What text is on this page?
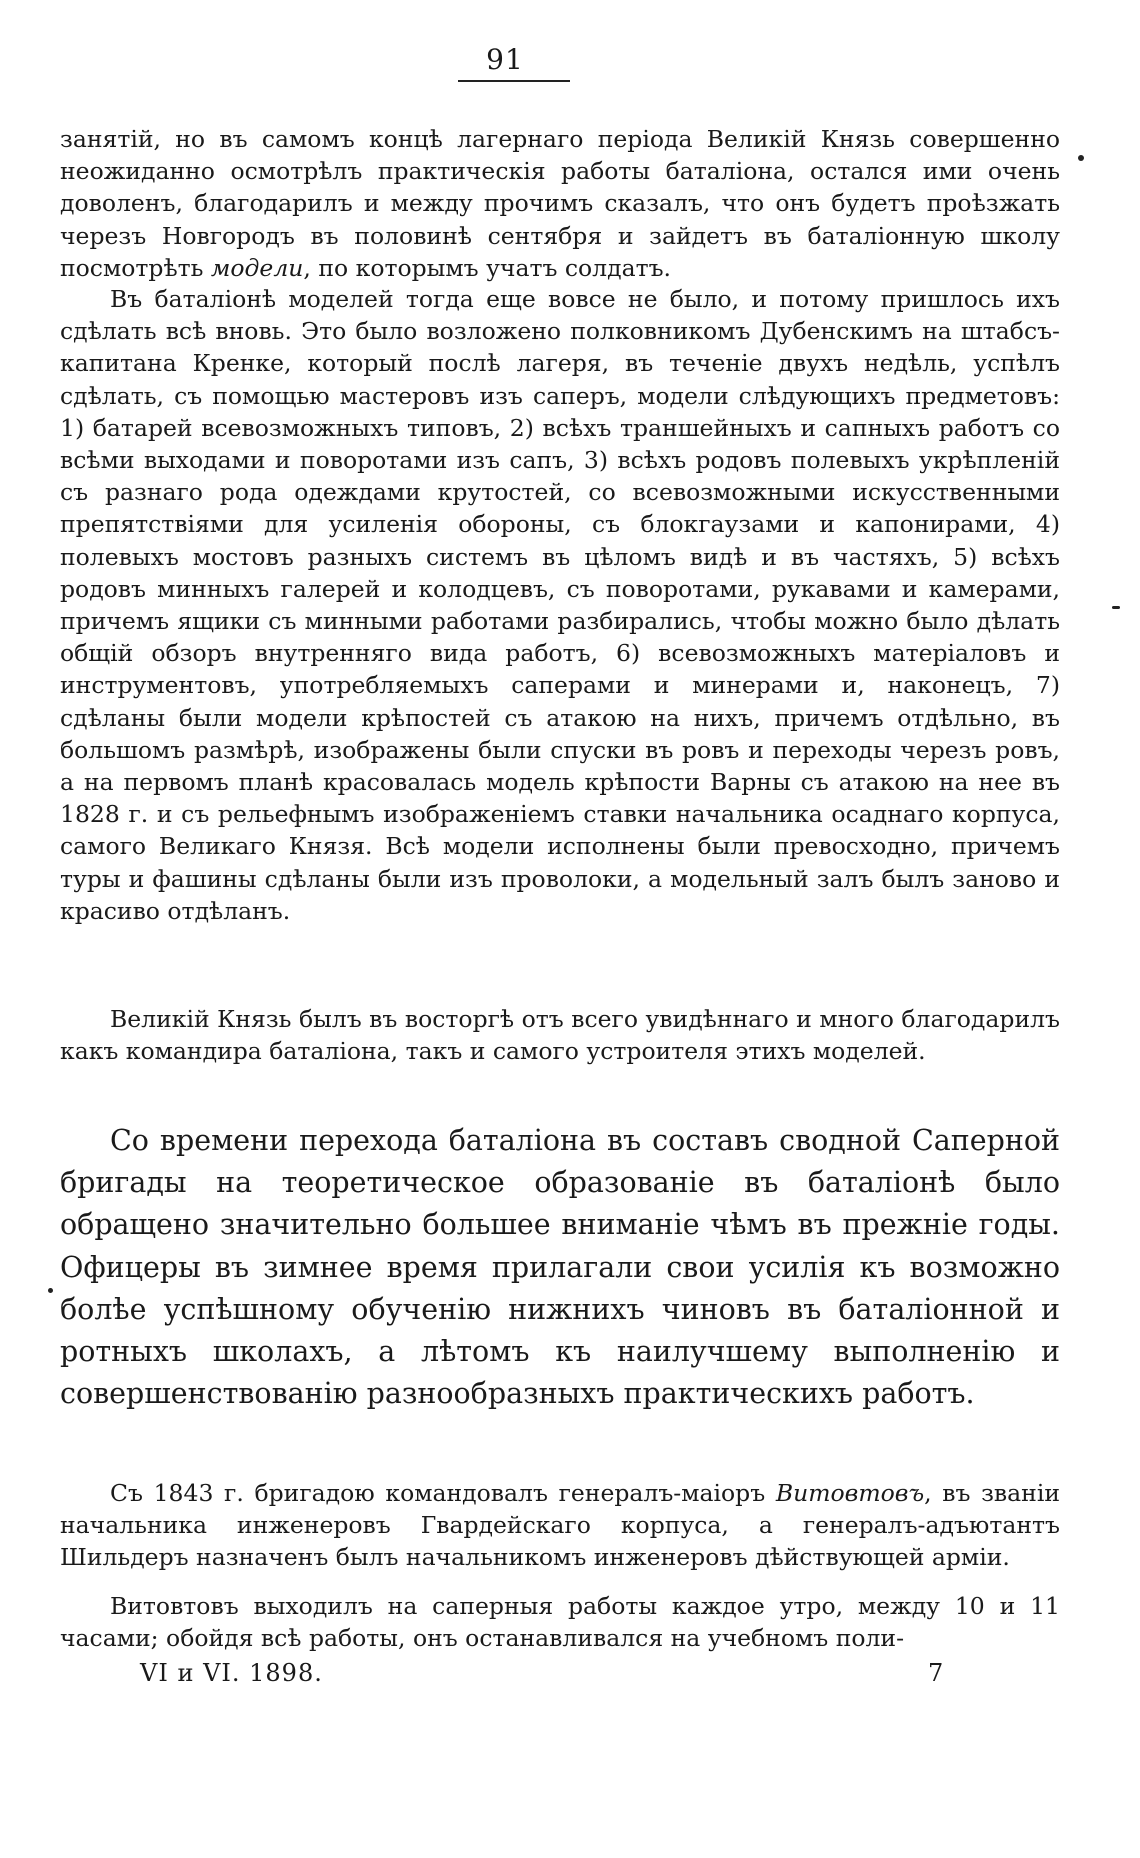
91

занятій, но въ самомъ концѣ лагернаго періода Великій Князь совершенно неожиданно осмотрѣлъ практическія работы баталіона, остался ими очень доволенъ, благодарилъ и между прочимъ сказалъ, что онъ будетъ проѣзжать черезъ Новгородъ въ половинѣ сентября и зайдетъ въ баталіонную школу посмотрѣть модели, по которымъ учатъ солдатъ.

Въ баталіонѣ моделей тогда еще вовсе не было, и потому пришлось ихъ сдѣлать всѣ вновь. Это было возложено полковникомъ Дубенскимъ на штабсъ-капитана Кренке, который послѣ лагеря, въ теченіе двухъ недѣль, успѣлъ сдѣлать, съ помощью мастеровъ изъ саперъ, модели слѣдующихъ предметовъ: 1) батарей всевозможныхъ типовъ, 2) всѣхъ траншейныхъ и сапныхъ работъ со всѣми выходами и поворотами изъ сапъ, 3) всѣхъ родовъ полевыхъ укрѣпленій съ разнаго рода одеждами крутостей, со всевозможными искусственными препятствіями для усиленія обороны, съ блокгаузами и капонирами, 4) полевыхъ мостовъ разныхъ системъ въ цѣломъ видѣ и въ частяхъ, 5) всѣхъ родовъ минныхъ галерей и колодцевъ, съ поворотами, рукавами и камерами, причемъ ящики съ минными работами разбирались, чтобы можно было дѣлать общій обзоръ внутренняго вида работъ, 6) всевозможныхъ матеріаловъ и инструментовъ, употребляемыхъ саперами и минерами и, наконецъ, 7) сдѣланы были модели крѣпостей съ атакою на нихъ, причемъ отдѣльно, въ большомъ размѣрѣ, изображены были спуски въ ровъ и переходы черезъ ровъ, а на первомъ планѣ красовалась модель крѣпости Варны съ атакою на нее въ 1828 г. и съ рельефнымъ изображеніемъ ставки начальника осаднаго корпуса, самого Великаго Князя. Всѣ модели исполнены были превосходно, причемъ туры и фашины сдѣланы были изъ проволоки, а модельный залъ былъ заново и красиво отдѣланъ.

Великій Князь былъ въ восторгѣ отъ всего увидѣннаго и много благодарилъ какъ командира баталіона, такъ и самого устроителя этихъ моделей.

Со времени перехода баталіона въ составъ сводной Саперной бригады на теоретическое образованіе въ баталіонѣ было обращено значительно большее вниманіе чѣмъ въ прежніе годы. Офицеры въ зимнее время прилагали свои усилія къ возможно болѣе успѣшному обученію нижнихъ чиновъ въ баталіонной и ротныхъ школахъ, а лѣтомъ къ наилучшему выполненію и совершенствованію разнообразныхъ практическихъ работъ.

Съ 1843 г. бригадою командовалъ генералъ-маіоръ Витовтовъ, въ званіи начальника инженеровъ Гвардейскаго корпуса, а генералъ-адъютантъ Шильдеръ назначенъ былъ начальникомъ инженеровъ дѣйствующей арміи.

Витовтовъ выходилъ на саперныя работы каждое утро, между 10 и 11 часами; обойдя всѣ работы, онъ останавливался на учебномъ поли-

VI и VI. 1898.	7
